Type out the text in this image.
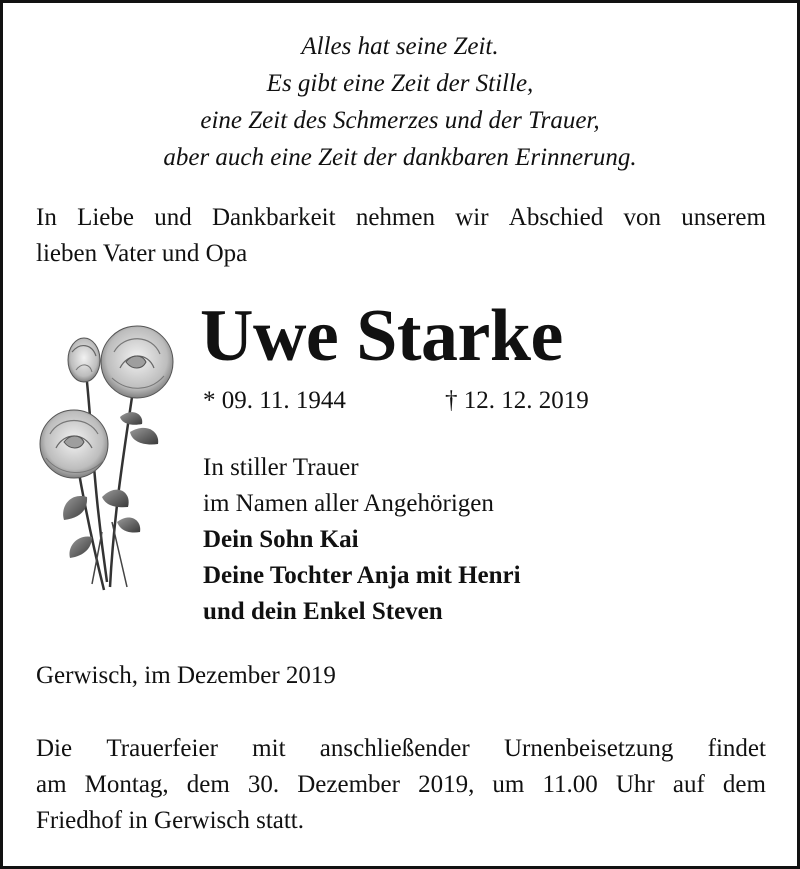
Alles hat seine Zeit.
Es gibt eine Zeit der Stille,
eine Zeit des Schmerzes und der Trauer,
aber auch eine Zeit der dankbaren Erinnerung.
In Liebe und Dankbarkeit nehmen wir Abschied von unserem
lieben Vater und Opa
Uwe Starke
* 09. 11. 1944	† 12. 12. 2019
In stiller Trauer
im Namen aller Angehörigen
Dein Sohn Kai
Deine Tochter Anja mit Henri
und dein Enkel Steven
Gerwisch, im Dezember 2019
Die Trauerfeier mit anschließender Urnenbeisetzung findet
am Montag, dem 30. Dezember 2019, um 11.00 Uhr auf dem
Friedhof in Gerwisch statt.
